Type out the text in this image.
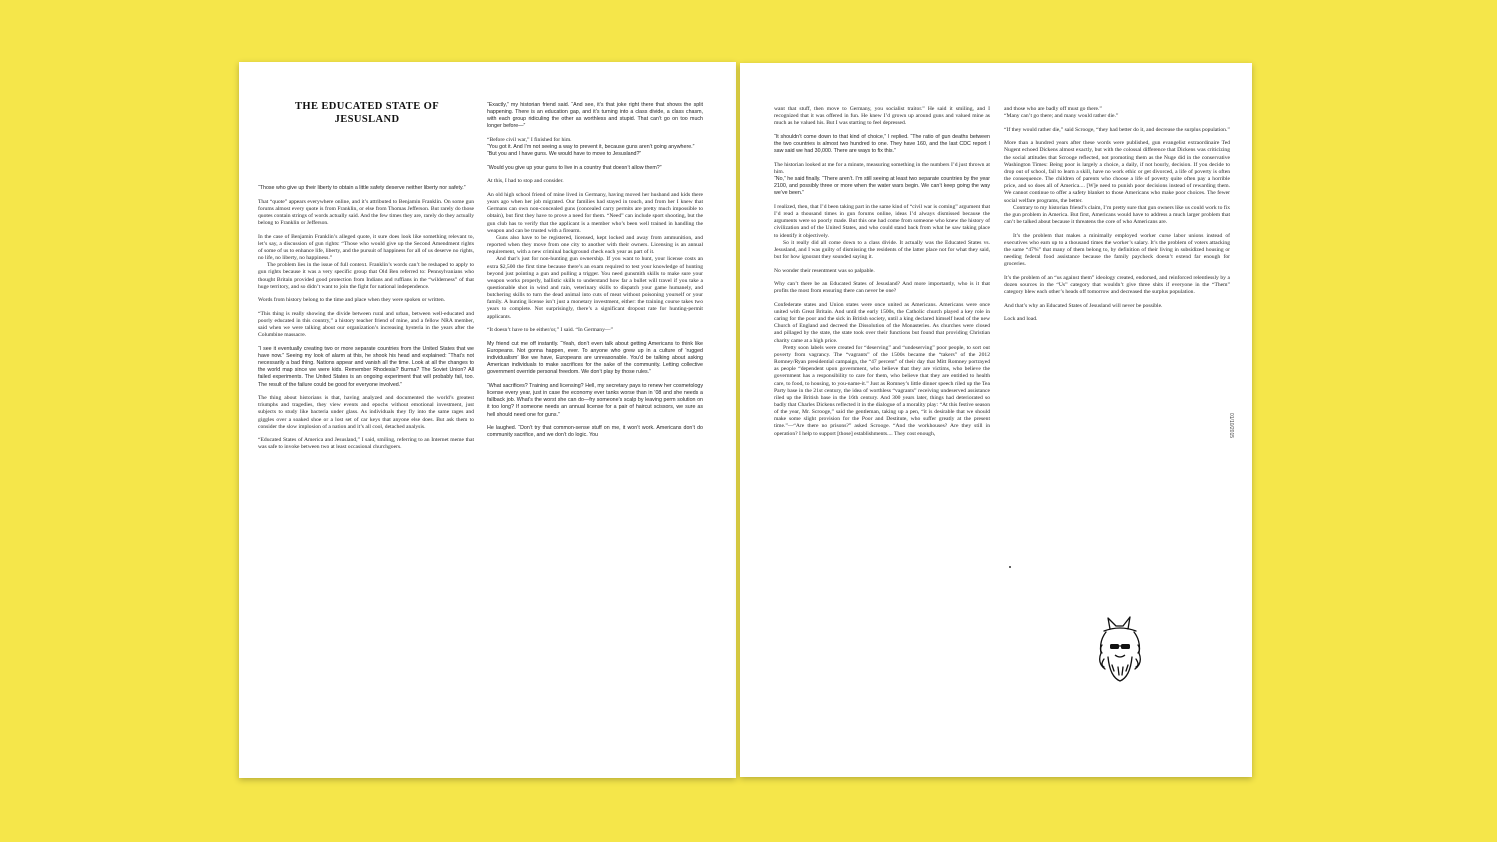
THE EDUCATED STATE OF JESUSLAND

“Those who give up their liberty to obtain a little safety deserve neither liberty nor safety.”

That “quote” appears everywhere online, and it’s attributed to Benjamin Franklin. On some gun forums almost every quote is from Franklin, or else from Thomas Jefferson. But rarely do those quotes contain strings of words actually said. And the few times they are, rarely do they actually belong to Franklin or Jefferson.

In the case of Benjamin Franklin’s alleged quote, it sure does look like something relevant to, let’s say, a discussion of gun rights: “Those who would give up the Second Amendment rights of some of us to enhance life, liberty, and the pursuit of happiness for all of us deserve no rights, no life, no liberty, no happiness.”

The problem lies in the issue of full context. Franklin’s words can’t be reshaped to apply to gun rights because it was a very specific group that Old Ben referred to: Pennsylvanians who thought Britain provided good protection from Indians and ruffians in the “wilderness” of that huge territory, and so didn’t want to join the fight for national independence.

Words from history belong to the time and place when they were spoken or written.

“This thing is really showing the divide between rural and urban, between well-educated and poorly educated in this country,” a history teacher friend of mine, and a fellow NRA member, said when we were talking about our organization’s increasing hysteria in the years after the Columbine massacre.

“I see it eventually creating two or more separate countries from the United States that we have now.” Seeing my look of alarm at this, he shook his head and explained: “That’s not necessarily a bad thing. Nations appear and vanish all the time. Look at all the changes to the world map since we were kids. Remember Rhodesia? Burma? The Soviet Union? All failed experiments. The United States is an ongoing experiment that will probably fail, too. The result of the failure could be good for everyone involved.”

The thing about historians is that, having analyzed and documented the world’s greatest triumphs and tragedies, they view events and epochs without emotional investment, just subjects to study like bacteria under glass. As individuals they fly into the same rages and giggles over a soaked shoe or a lost set of car keys that anyone else does. But ask them to consider the slow implosion of a nation and it’s all cool, detached analysis.

“Educated States of America and Jesusland,” I said, smiling, referring to an Internet meme that was safe to invoke between two at least occasional churchgoers.

“Exactly,” my historian friend said. “And see, it’s that joke right there that shows the split happening. There is an education gap, and it’s turning into a class divide, a class chasm, with each group ridiculing the other as worthless and stupid. That can’t go on too much longer before—”

“Before civil war,” I finished for him.

“You got it. And I’m not seeing a way to prevent it, because guns aren’t going anywhere.”

“But you and I have guns. We would have to move to Jesusland?”

“Would you give up your guns to live in a country that doesn’t allow them?”

At this, I had to stop and consider.

An old high school friend of mine lived in Germany, having moved her husband and kids there years ago when her job migrated. Our families had stayed in touch, and from her I knew that Germans can own non-concealed guns (concealed carry permits are pretty much impossible to obtain), but first they have to prove a need for them. “Need” can include sport shooting, but the gun club has to verify that the applicant is a member who’s been well trained in handling the weapon and can be trusted with a firearm.

Guns also have to be registered, licensed, kept locked and away from ammunition, and reported when they move from one city to another with their owners. Licensing is an annual requirement, with a new criminal background check each year as part of it.

And that’s just for non-hunting gun ownership. If you want to hunt, your license costs an extra $2,500 the first time because there’s an exam required to test your knowledge of hunting beyond just pointing a gun and pulling a trigger. You need gunsmith skills to make sure your weapon works properly, ballistic skills to understand how far a bullet will travel if you take a questionable shot in wind and rain, veterinary skills to dispatch your game humanely, and butchering skills to turn the dead animal into cuts of meat without poisoning yourself or your family. A hunting license isn’t just a monetary investment, either: the training course takes two years to complete. Not surprisingly, there’s a significant dropout rate for hunting-permit applicants.

“It doesn’t have to be either/or,” I said. “In Germany—”

My friend cut me off instantly. “Yeah, don’t even talk about getting Americans to think like Europeans. Not gonna happen, ever. To anyone who grew up in a culture of ‘rugged individualism’ like we have, Europeans are unreasonable. You’d be talking about asking American individuals to make sacrifices for the sake of the community. Letting collective government override personal freedom. We don’t play by those rules.”

“What sacrifices? Training and licensing? Hell, my secretary pays to renew her cosmetology license every year, just in case the economy ever tanks worse than in ’08 and she needs a fallback job. What’s the worst she can do—fry someone’s scalp by leaving perm solution on it too long? If someone needs an annual license for a pair of haircut scissors, we sure as hell should need one for guns.”

He laughed. “Don’t try that common-sense stuff on me, it won’t work. Americans don’t do community sacrifice, and we don’t do logic. You

want that stuff, then move to Germany, you socialist traitor.” He said it smiling, and I recognized that it was offered in fun. He knew I’d grown up around guns and valued mine as much as he valued his. But I was starting to feel depressed.

“It shouldn’t come down to that kind of choice,” I replied. “The ratio of gun deaths between the two countries is almost two hundred to one. They have 160, and the last CDC report I saw said we had 30,000. There are ways to fix this.”

The historian looked at me for a minute, measuring something in the numbers I’d just thrown at him.

“No,” he said finally. “There aren’t. I’m still seeing at least two separate countries by the year 2100, and possibly three or more when the water wars begin. We can’t keep going the way we’ve been.”

I realized, then, that I’d been taking part in the same kind of “civil war is coming” argument that I’d read a thousand times in gun forums online, ideas I’d always dismissed because the arguments were so poorly made. But this one had come from someone who knew the history of civilization and of the United States, and who could stand back from what he saw taking place to identify it objectively.

So it really did all come down to a class divide. It actually was the Educated States vs. Jesusland, and I was guilty of dismissing the residents of the latter place not for what they said, but for how ignorant they sounded saying it.

No wonder their resentment was so palpable.

Why can’t there be an Educated States of Jesusland? And more importantly, who is it that profits the most from ensuring there can never be one?

Confederate states and Union states were once united as Americans. Americans were once united with Great Britain. And until the early 1500s, the Catholic church played a key role in caring for the poor and the sick in British society, until a king declared himself head of the new Church of England and decreed the Dissolution of the Monasteries. As churches were closed and pillaged by the state, the state took over their functions but found that providing Christian charity came at a high price.

Pretty soon labels were created for “deserving” and “undeserving” poor people, to sort out poverty from vagrancy. The “vagrants” of the 1500s became the “takers” of the 2012 Romney/Ryan presidential campaign, the “47 percent” of their day that Mitt Romney portrayed as people “dependent upon government, who believe that they are victims, who believe the government has a responsibility to care for them, who believe that they are entitled to health care, to food, to housing, to you-name-it.” Just as Romney’s little dinner speech riled up the Tea Party base in the 21st century, the idea of worthless “vagrants” receiving undeserved assistance riled up the British base in the 16th century. And 300 years later, things had deteriorated so badly that Charles Dickens reflected it in the dialogue of a morality play: “At this festive season of the year, Mr. Scrooge,” said the gentleman, taking up a pen, “it is desirable that we should make some slight provision for the Poor and Destitute, who suffer greatly at the present time.”—“Are there no prisons?” asked Scrooge. “And the workhouses? Are they still in operation? I help to support [those] establishments.... They cost enough,

and those who are badly off must go there.”

“Many can’t go there; and many would rather die.”

“If they would rather die,” said Scrooge, “they had better do it, and decrease the surplus population.”

More than a hundred years after these words were published, gun evangelist extraordinaire Ted Nugent echoed Dickens almost exactly, but with the colossal difference that Dickens was criticizing the social attitudes that Scrooge reflected, not promoting them as the Nuge did in the conservative Washington Times: Being poor is largely a choice, a daily, if not hourly, decision. If you decide to drop out of school, fail to learn a skill, have no work ethic or get divorced, a life of poverty is often the consequence. The children of parents who choose a life of poverty quite often pay a horrible price, and so does all of America.... [W]e need to punish poor decisions instead of rewarding them. We cannot continue to offer a safety blanket to those Americans who make poor choices. The fewer social welfare programs, the better.

Contrary to my historian friend’s claim, I’m pretty sure that gun owners like us could work to fix the gun problem in America. But first, Americans would have to address a much larger problem that can’t be talked about because it threatens the core of who Americans are.

It’s the problem that makes a minimally employed worker curse labor unions instead of executives who earn up to a thousand times the worker’s salary. It’s the problem of voters attacking the same “47%” that many of them belong to, by definition of their living in subsidized housing or needing federal food assistance because the family paycheck doesn’t extend far enough for groceries.

It’s the problem of an “us against them” ideology created, endorsed, and reinforced relentlessly by a dozen sources in the “Us” category that wouldn’t give three shits if everyone in the “Them” category blew each other’s heads off tomorrow and decreased the surplus population.

And that’s why an Educated States of Jesusland will never be possible.

Lock and load.

01/10/2015
